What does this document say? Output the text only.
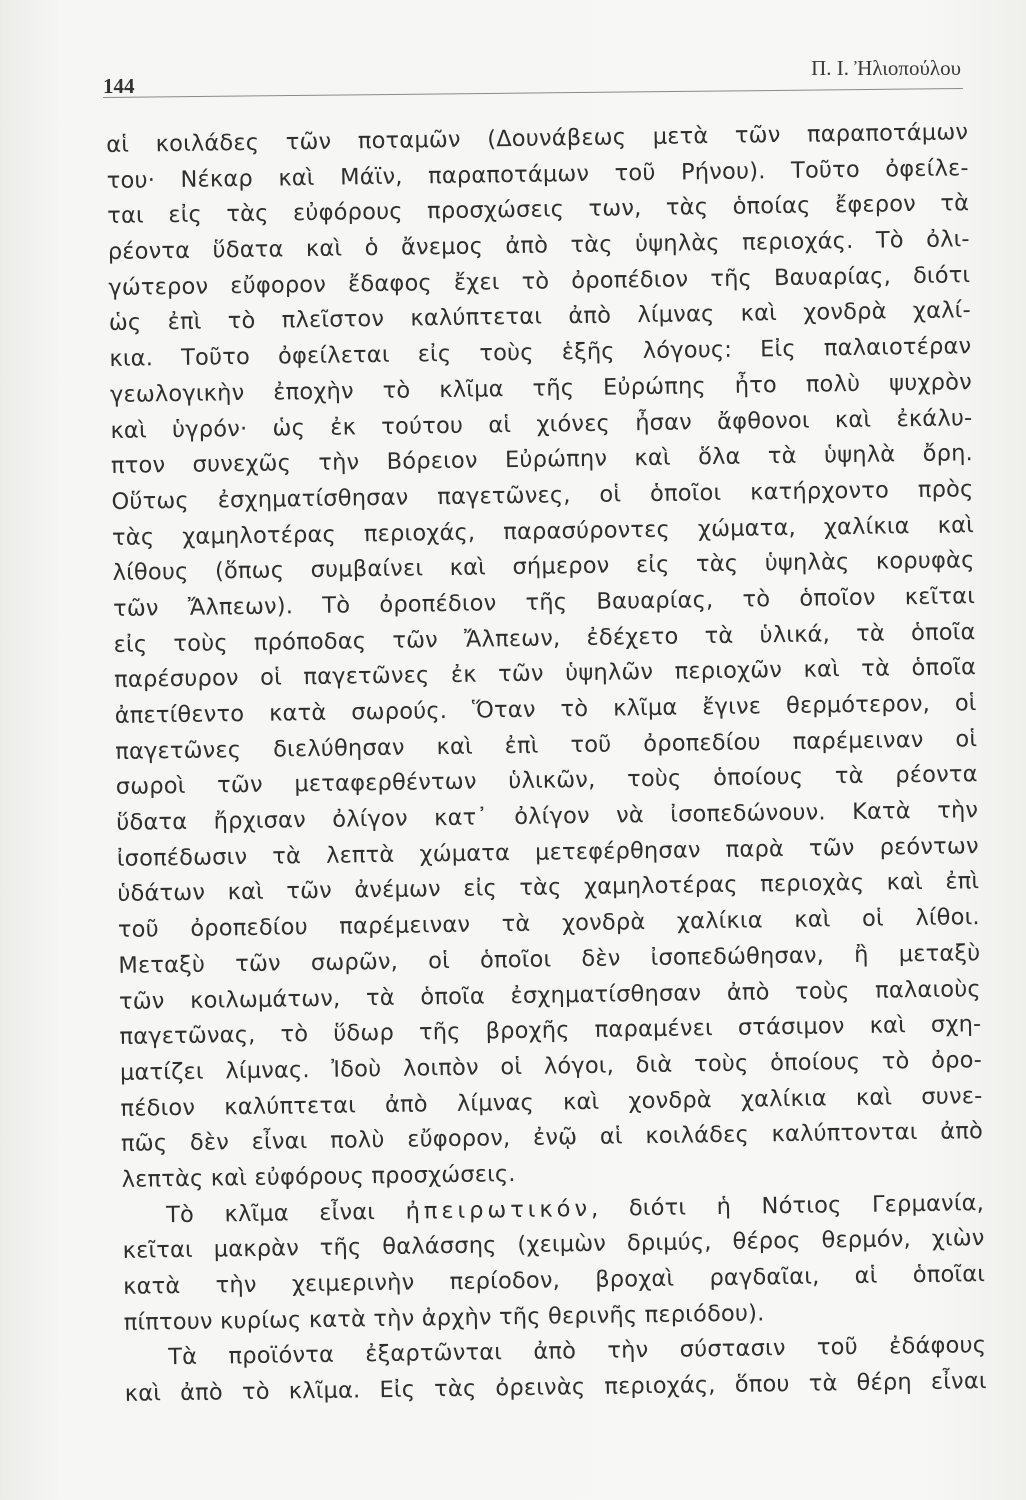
144
Π. Ι. Ἠλιοπούλου
αἱ κοιλάδες τῶν ποταμῶν (Δουνάβεως μετὰ τῶν παραποτάμων
του· Νέκαρ καὶ Μάϊν, παραποτάμων τοῦ Ρήνου). Τοῦτο ὀφείλε-
ται εἰς τὰς εὐφόρους προσχώσεις των, τὰς ὁποίας ἔφερον τὰ
ρέοντα ὕδατα καὶ ὁ ἄνεμος ἀπὸ τὰς ὑψηλὰς περιοχάς. Τὸ ὀλι-
γώτερον εὔφορον ἔδαφος ἔχει τὸ ὀροπέδιον τῆς Βαυαρίας, διότι
ὡς ἐπὶ τὸ πλεῖστον καλύπτεται ἀπὸ λίμνας καὶ χονδρὰ χαλί-
κια. Τοῦτο ὀφείλεται εἰς τοὺς ἑξῆς λόγους: Εἰς παλαιοτέραν
γεωλογικὴν ἐποχὴν τὸ κλῖμα τῆς Εὐρώπης ἦτο πολὺ ψυχρὸν
καὶ ὑγρόν· ὡς ἐκ τούτου αἱ χιόνες ἦσαν ἄφθονοι καὶ ἐκάλυ-
πτον συνεχῶς τὴν Βόρειον Εὐρώπην καὶ ὅλα τὰ ὑψηλὰ ὄρη.
Οὕτως ἐσχηματίσθησαν παγετῶνες, οἱ ὁποῖοι κατήρχοντο πρὸς
τὰς χαμηλοτέρας περιοχάς, παρασύροντες χώματα, χαλίκια καὶ
λίθους (ὅπως συμβαίνει καὶ σήμερον εἰς τὰς ὑψηλὰς κορυφὰς
τῶν Ἄλπεων). Τὸ ὀροπέδιον τῆς Βαυαρίας, τὸ ὁποῖον κεῖται
εἰς τοὺς πρόποδας τῶν Ἄλπεων, ἐδέχετο τὰ ὑλικά, τὰ ὁποῖα
παρέσυρον οἱ παγετῶνες ἐκ τῶν ὑψηλῶν περιοχῶν καὶ τὰ ὁποῖα
ἀπετίθεντο κατὰ σωρούς. Ὅταν τὸ κλῖμα ἔγινε θερμότερον, οἱ
παγετῶνες διελύθησαν καὶ ἐπὶ τοῦ ὀροπεδίου παρέμειναν οἱ
σωροὶ τῶν μεταφερθέντων ὑλικῶν, τοὺς ὁποίους τὰ ρέοντα
ὕδατα ἤρχισαν ὀλίγον κατ᾽ ὀλίγον νὰ ἰσοπεδώνουν. Κατὰ τὴν
ἰσοπέδωσιν τὰ λεπτὰ χώματα μετεφέρθησαν παρὰ τῶν ρεόντων
ὑδάτων καὶ τῶν ἀνέμων εἰς τὰς χαμηλοτέρας περιοχὰς καὶ ἐπὶ
τοῦ ὀροπεδίου παρέμειναν τὰ χονδρὰ χαλίκια καὶ οἱ λίθοι.
Μεταξὺ τῶν σωρῶν, οἱ ὁποῖοι δὲν ἰσοπεδώθησαν, ἢ μεταξὺ
τῶν κοιλωμάτων, τὰ ὁποῖα ἐσχηματίσθησαν ἀπὸ τοὺς παλαιοὺς
παγετῶνας, τὸ ὕδωρ τῆς βροχῆς παραμένει στάσιμον καὶ σχη-
ματίζει λίμνας. Ἰδοὺ λοιπὸν οἱ λόγοι, διὰ τοὺς ὁποίους τὸ ὀρο-
πέδιον καλύπτεται ἀπὸ λίμνας καὶ χονδρὰ χαλίκια καὶ συνε-
πῶς δὲν εἶναι πολὺ εὔφορον, ἐνῷ αἱ κοιλάδες καλύπτονται ἀπὸ
λεπτὰς καὶ εὐφόρους προσχώσεις.
Τὸ κλῖμα εἶναι ἠπειρωτικόν, διότι ἡ Νότιος Γερμανία,
κεῖται μακρὰν τῆς θαλάσσης (χειμὼν δριμύς, θέρος θερμόν, χιὼν
κατὰ τὴν χειμερινὴν περίοδον, βροχαὶ ραγδαῖαι, αἱ ὁποῖαι
πίπτουν κυρίως κατὰ τὴν ἀρχὴν τῆς θερινῆς περιόδου).
Τὰ προϊόντα ἐξαρτῶνται ἀπὸ τὴν σύστασιν τοῦ ἐδάφους
καὶ ἀπὸ τὸ κλῖμα. Εἰς τὰς ὀρεινὰς περιοχάς, ὅπου τὰ θέρη εἶναι
